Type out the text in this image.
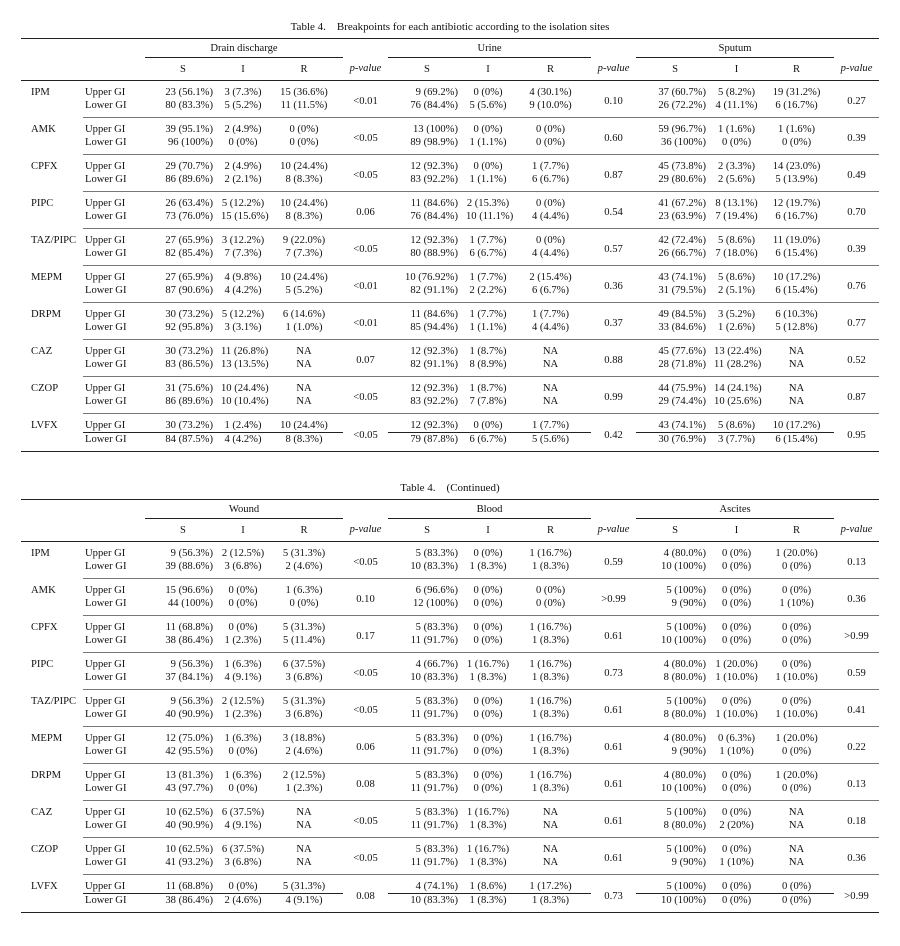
Table 4. Breakpoints for each antibiotic according to the isolation sites
		Drain discharge				Urine				Sputum			
		S	I	R	p-value	S	I	R	p-value	S	I	R	p-value
IPM	Upper GI	23 (56.1%)	3 (7.3%)	15 (36.6%)	<0.01	9 (69.2%)	0 (0%)	4 (30.1%)	0.10	37 (60.7%)	5 (8.2%)	19 (31.2%)	0.27
	Lower GI	80 (83.3%)	5 (5.2%)	11 (11.5%)		76 (84.4%)	5 (5.6%)	9 (10.0%)		26 (72.2%)	4 (11.1%)	6 (16.7%)	
AMK	Upper GI	39 (95.1%)	2 (4.9%)	0 (0%)	<0.05	13 (100%)	0 (0%)	0 (0%)	0.60	59 (96.7%)	1 (1.6%)	1 (1.6%)	0.39
	Lower GI	96 (100%)	0 (0%)	0 (0%)		89 (98.9%)	1 (1.1%)	0 (0%)		36 (100%)	0 (0%)	0 (0%)	
CPFX	Upper GI	29 (70.7%)	2 (4.9%)	10 (24.4%)	<0.05	12 (92.3%)	0 (0%)	1 (7.7%)	0.87	45 (73.8%)	2 (3.3%)	14 (23.0%)	0.49
	Lower GI	86 (89.6%)	2 (2.1%)	8 (8.3%)		83 (92.2%)	1 (1.1%)	6 (6.7%)		29 (80.6%)	2 (5.6%)	5 (13.9%)	
PIPC	Upper GI	26 (63.4%)	5 (12.2%)	10 (24.4%)	0.06	11 (84.6%)	2 (15.3%)	0 (0%)	0.54	41 (67.2%)	8 (13.1%)	12 (19.7%)	0.70
	Lower GI	73 (76.0%)	15 (15.6%)	8 (8.3%)		76 (84.4%)	10 (11.1%)	4 (4.4%)		23 (63.9%)	7 (19.4%)	6 (16.7%)	
TAZ/PIPC	Upper GI	27 (65.9%)	3 (12.2%)	9 (22.0%)	<0.05	12 (92.3%)	1 (7.7%)	0 (0%)	0.57	42 (72.4%)	5 (8.6%)	11 (19.0%)	0.39
	Lower GI	82 (85.4%)	7 (7.3%)	7 (7.3%)		80 (88.9%)	6 (6.7%)	4 (4.4%)		26 (66.7%)	7 (18.0%)	6 (15.4%)	
MEPM	Upper GI	27 (65.9%)	4 (9.8%)	10 (24.4%)	<0.01	10 (76.92%)	1 (7.7%)	2 (15.4%)	0.36	43 (74.1%)	5 (8.6%)	10 (17.2%)	0.76
	Lower GI	87 (90.6%)	4 (4.2%)	5 (5.2%)		82 (91.1%)	2 (2.2%)	6 (6.7%)		31 (79.5%)	2 (5.1%)	6 (15.4%)	
DRPM	Upper GI	30 (73.2%)	5 (12.2%)	6 (14.6%)	<0.01	11 (84.6%)	1 (7.7%)	1 (7.7%)	0.37	49 (84.5%)	3 (5.2%)	6 (10.3%)	0.77
	Lower GI	92 (95.8%)	3 (3.1%)	1 (1.0%)		85 (94.4%)	1 (1.1%)	4 (4.4%)		33 (84.6%)	1 (2.6%)	5 (12.8%)	
CAZ	Upper GI	30 (73.2%)	11 (26.8%)	NA	0.07	12 (92.3%)	1 (8.7%)	NA	0.88	45 (77.6%)	13 (22.4%)	NA	0.52
	Lower GI	83 (86.5%)	13 (13.5%)	NA		82 (91.1%)	8 (8.9%)	NA		28 (71.8%)	11 (28.2%)	NA	
CZOP	Upper GI	31 (75.6%)	10 (24.4%)	NA	<0.05	12 (92.3%)	1 (8.7%)	NA	0.99	44 (75.9%)	14 (24.1%)	NA	0.87
	Lower GI	86 (89.6%)	10 (10.4%)	NA		83 (92.2%)	7 (7.8%)	NA		29 (74.4%)	10 (25.6%)	NA	
LVFX	Upper GI	30 (73.2%)	1 (2.4%)	10 (24.4%)	<0.05	12 (92.3%)	0 (0%)	1 (7.7%)	0.42	43 (74.1%)	5 (8.6%)	10 (17.2%)	0.95
	Lower GI	84 (87.5%)	4 (4.2%)	8 (8.3%)		79 (87.8%)	6 (6.7%)	5 (5.6%)		30 (76.9%)	3 (7.7%)	6 (15.4%)	
Table 4. (Continued)
		Wound				Blood				Ascites			
		S	I	R	p-value	S	I	R	p-value	S	I	R	p-value
IPM	Upper GI	9 (56.3%)	2 (12.5%)	5 (31.3%)	<0.05	5 (83.3%)	0 (0%)	1 (16.7%)	0.59	4 (80.0%)	0 (0%)	1 (20.0%)	0.13
	Lower GI	39 (88.6%)	3 (6.8%)	2 (4.6%)		10 (83.3%)	1 (8.3%)	1 (8.3%)		10 (100%)	0 (0%)	0 (0%)	
AMK	Upper GI	15 (96.6%)	0 (0%)	1 (6.3%)	0.10	6 (96.6%)	0 (0%)	0 (0%)	>0.99	5 (100%)	0 (0%)	0 (0%)	0.36
	Lower GI	44 (100%)	0 (0%)	0 (0%)		12 (100%)	0 (0%)	0 (0%)		9 (90%)	0 (0%)	1 (10%)	
CPFX	Upper GI	11 (68.8%)	0 (0%)	5 (31.3%)	0.17	5 (83.3%)	0 (0%)	1 (16.7%)	0.61	5 (100%)	0 (0%)	0 (0%)	>0.99
	Lower GI	38 (86.4%)	1 (2.3%)	5 (11.4%)		11 (91.7%)	0 (0%)	1 (8.3%)		10 (100%)	0 (0%)	0 (0%)	
PIPC	Upper GI	9 (56.3%)	1 (6.3%)	6 (37.5%)	<0.05	4 (66.7%)	1 (16.7%)	1 (16.7%)	0.73	4 (80.0%)	1 (20.0%)	0 (0%)	0.59
	Lower GI	37 (84.1%)	4 (9.1%)	3 (6.8%)		10 (83.3%)	1 (8.3%)	1 (8.3%)		8 (80.0%)	1 (10.0%)	1 (10.0%)	
TAZ/PIPC	Upper GI	9 (56.3%)	2 (12.5%)	5 (31.3%)	<0.05	5 (83.3%)	0 (0%)	1 (16.7%)	0.61	5 (100%)	0 (0%)	0 (0%)	0.41
	Lower GI	40 (90.9%)	1 (2.3%)	3 (6.8%)		11 (91.7%)	0 (0%)	1 (8.3%)		8 (80.0%)	1 (10.0%)	1 (10.0%)	
MEPM	Upper GI	12 (75.0%)	1 (6.3%)	3 (18.8%)	0.06	5 (83.3%)	0 (0%)	1 (16.7%)	0.61	4 (80.0%)	0 (6.3%)	1 (20.0%)	0.22
	Lower GI	42 (95.5%)	0 (0%)	2 (4.6%)		11 (91.7%)	0 (0%)	1 (8.3%)		9 (90%)	1 (10%)	0 (0%)	
DRPM	Upper GI	13 (81.3%)	1 (6.3%)	2 (12.5%)	0.08	5 (83.3%)	0 (0%)	1 (16.7%)	0.61	4 (80.0%)	0 (0%)	1 (20.0%)	0.13
	Lower GI	43 (97.7%)	0 (0%)	1 (2.3%)		11 (91.7%)	0 (0%)	1 (8.3%)		10 (100%)	0 (0%)	0 (0%)	
CAZ	Upper GI	10 (62.5%)	6 (37.5%)	NA	<0.05	5 (83.3%)	1 (16.7%)	NA	0.61	5 (100%)	0 (0%)	NA	0.18
	Lower GI	40 (90.9%)	4 (9.1%)	NA		11 (91.7%)	1 (8.3%)	NA		8 (80.0%)	2 (20%)	NA	
CZOP	Upper GI	10 (62.5%)	6 (37.5%)	NA	<0.05	5 (83.3%)	1 (16.7%)	NA	0.61	5 (100%)	0 (0%)	NA	0.36
	Lower GI	41 (93.2%)	3 (6.8%)	NA		11 (91.7%)	1 (8.3%)	NA		9 (90%)	1 (10%)	NA	
LVFX	Upper GI	11 (68.8%)	0 (0%)	5 (31.3%)	0.08	4 (74.1%)	1 (8.6%)	1 (17.2%)	0.73	5 (100%)	0 (0%)	0 (0%)	>0.99
	Lower GI	38 (86.4%)	2 (4.6%)	4 (9.1%)		10 (83.3%)	1 (8.3%)	1 (8.3%)		10 (100%)	0 (0%)	0 (0%)	
